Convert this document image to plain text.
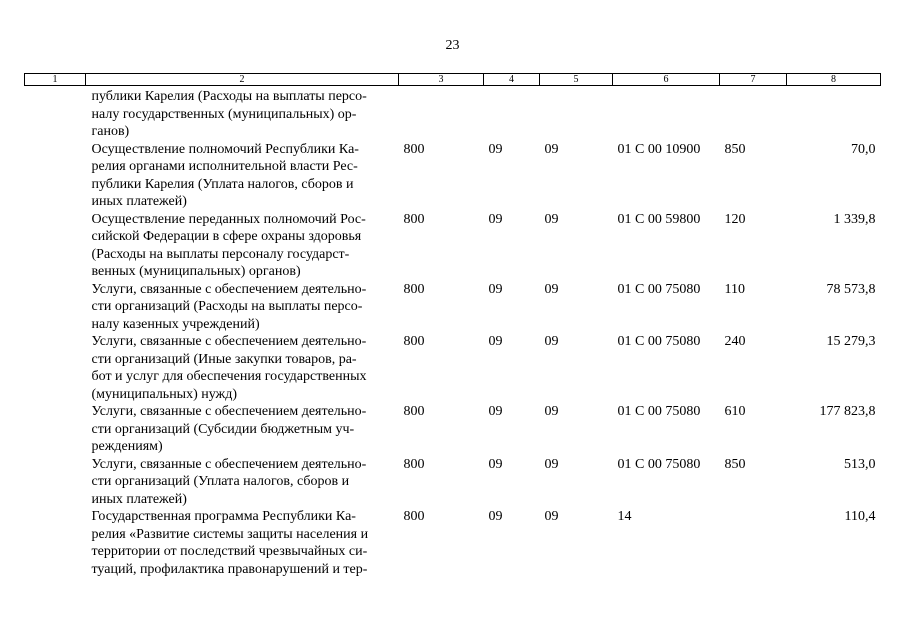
23
1	2	3	4	5	6	7	8

	публики Карелия (Расходы на выплаты персо-
налу государственных (муниципальных) ор-
ганов)						

	Осуществление полномочий Республики Ка-
релия органами исполнительной власти Рес-
публики Карелия (Уплата налогов, сборов и
иных платежей)	800	09	09	01 С 00 10900	850	70,0

	Осуществление переданных полномочий Рос-
сийской Федерации в сфере охраны здоровья
(Расходы на выплаты персоналу государст-
венных (муниципальных) органов)	800	09	09	01 С 00 59800	120	1 339,8

	Услуги, связанные с обеспечением деятельно-
сти организаций (Расходы на выплаты персо-
налу казенных учреждений)	800	09	09	01 С 00 75080	110	78 573,8

	Услуги, связанные с обеспечением деятельно-
сти организаций (Иные закупки товаров, ра-
бот и услуг для обеспечения государственных
(муниципальных) нужд)	800	09	09	01 С 00 75080	240	15 279,3

	Услуги, связанные с обеспечением деятельно-
сти организаций (Субсидии бюджетным уч-
реждениям)	800	09	09	01 С 00 75080	610	177 823,8

	Услуги, связанные с обеспечением деятельно-
сти организаций (Уплата налогов, сборов и
иных платежей)	800	09	09	01 С 00 75080	850	513,0

	Государственная программа Республики Ка-
релия «Развитие системы защиты населения и
территории от последствий чрезвычайных си-
туаций, профилактика правонарушений и тер-	800	09	09	14		110,4
